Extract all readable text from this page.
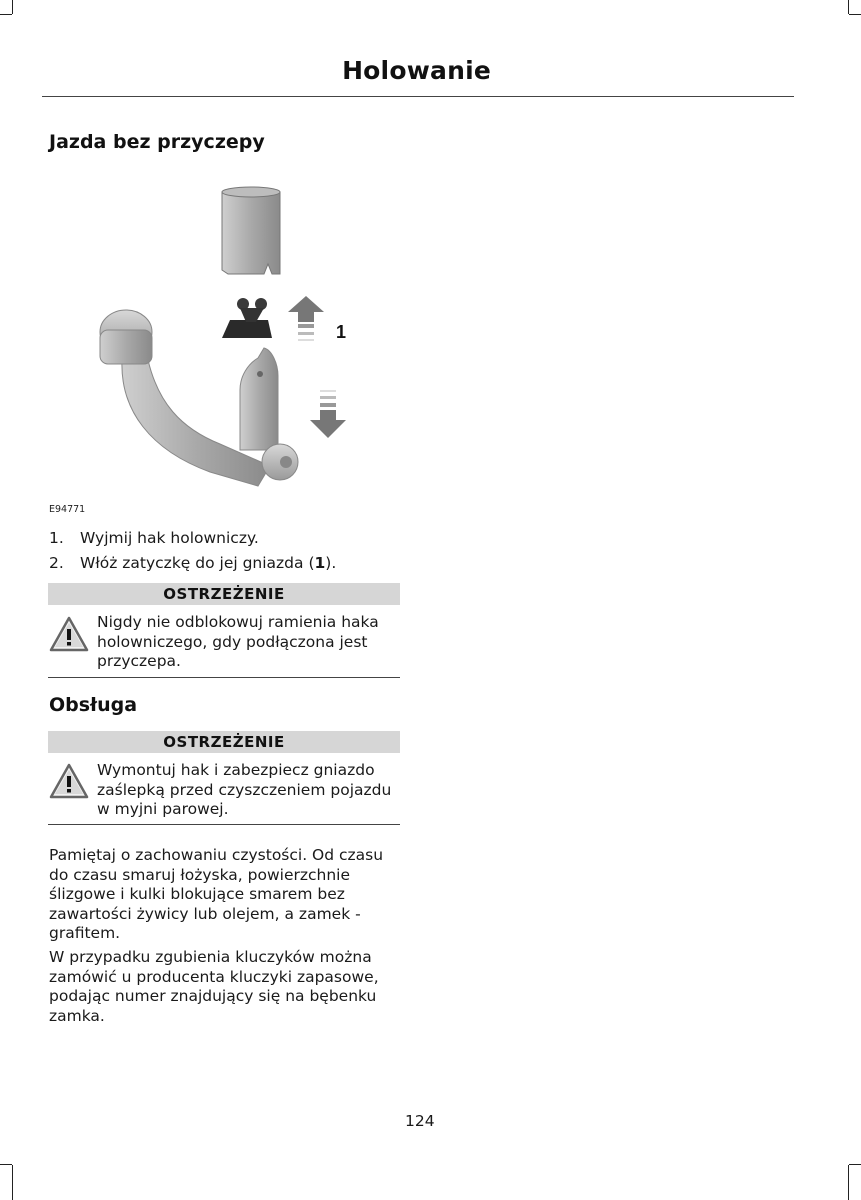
Holowanie
Jazda bez przyczepy
1
E94771
1. Wyjmij hak holowniczy.
2. Włóż zatyczkę do jej gniazda (1).
OSTRZEŻENIE
Nigdy nie odblokowuj ramienia haka holowniczego, gdy podłączona jest przyczepa.
Obsługa
OSTRZEŻENIE
Wymontuj hak i zabezpiecz gniazdo zaślepką przed czyszczeniem pojazdu w myjni parowej.
Pamiętaj o zachowaniu czystości. Od czasu do czasu smaruj łożyska, powierzchnie ślizgowe i kulki blokujące smarem bez zawartości żywicy lub olejem, a zamek - grafitem.
W przypadku zgubienia kluczyków można zamówić u producenta kluczyki zapasowe, podając numer znajdujący się na bębenku zamka.
124
